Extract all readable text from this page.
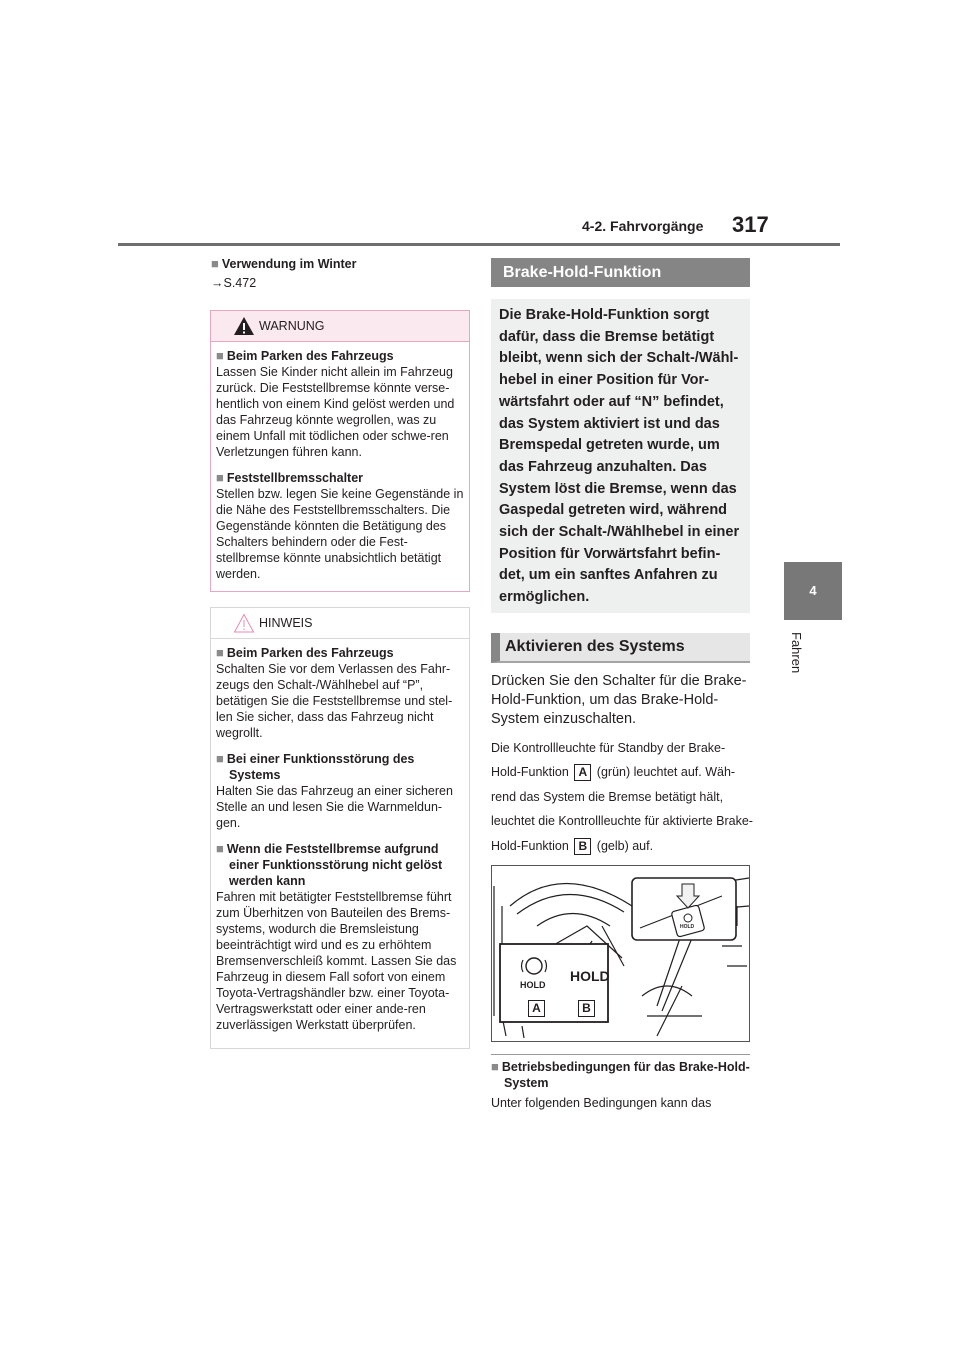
4-2. Fahrvorgänge 317
4
Fahren
■ Verwendung im Winter
→S.472
WARNUNG
■ Beim Parken des Fahrzeugs
Lassen Sie Kinder nicht allein im Fahrzeug zurück. Die Feststellbremse könnte verse-hentlich von einem Kind gelöst werden und das Fahrzeug könnte wegrollen, was zu einem Unfall mit tödlichen oder schwe-ren Verletzungen führen kann.
■ Feststellbremsschalter
Stellen bzw. legen Sie keine Gegenstände in die Nähe des Feststellbremsschalters. Die Gegenstände könnten die Betätigung des Schalters behindern oder die Fest-stellbremse könnte unabsichtlich betätigt werden.
HINWEIS
■ Beim Parken des Fahrzeugs
Schalten Sie vor dem Verlassen des Fahr-zeugs den Schalt-/Wählhebel auf “P”, betätigen Sie die Feststellbremse und stel-len Sie sicher, dass das Fahrzeug nicht wegrollt.
■ Bei einer Funktionsstörung des Systems
Halten Sie das Fahrzeug an einer sicheren Stelle an und lesen Sie die Warnmeldun-gen.
■ Wenn die Feststellbremse aufgrund einer Funktionsstörung nicht gelöst werden kann
Fahren mit betätigter Feststellbremse führt zum Überhitzen von Bauteilen des Brems-systems, wodurch die Bremsleistung beeinträchtigt wird und es zu erhöhtem Bremsenverschleiß kommt. Lassen Sie das Fahrzeug in diesem Fall sofort von einem Toyota-Vertragshändler bzw. einer Toyota-Vertragswerkstatt oder einer ande-ren zuverlässigen Werkstatt überprüfen.
Brake-Hold-Funktion
Die Brake-Hold-Funktion sorgt dafür, dass die Bremse betätigt bleibt, wenn sich der Schalt-/Wähl-hebel in einer Position für Vor-wärtsfahrt oder auf “N” befindet, das System aktiviert ist und das Bremspedal getreten wurde, um das Fahrzeug anzuhalten. Das System löst die Bremse, wenn das Gaspedal getreten wird, während sich der Schalt-/Wählhebel in einer Position für Vorwärtsfahrt befin-det, um ein sanftes Anfahren zu ermöglichen.
Aktivieren des Systems
Drücken Sie den Schalter für die Brake-Hold-Funktion, um das Brake-Hold-System einzuschalten.
Die Kontrollleuchte für Standby der Brake-Hold-Funktion A (grün) leuchtet auf. Wäh-rend das System die Bremse betätigt hält, leuchtet die Kontrollleuchte für aktivierte Brake-Hold-Funktion B (gelb) auf.
HOLD
HOLD
HOLD
A	B
■ Betriebsbedingungen für das Brake-Hold-System
Unter folgenden Bedingungen kann das
